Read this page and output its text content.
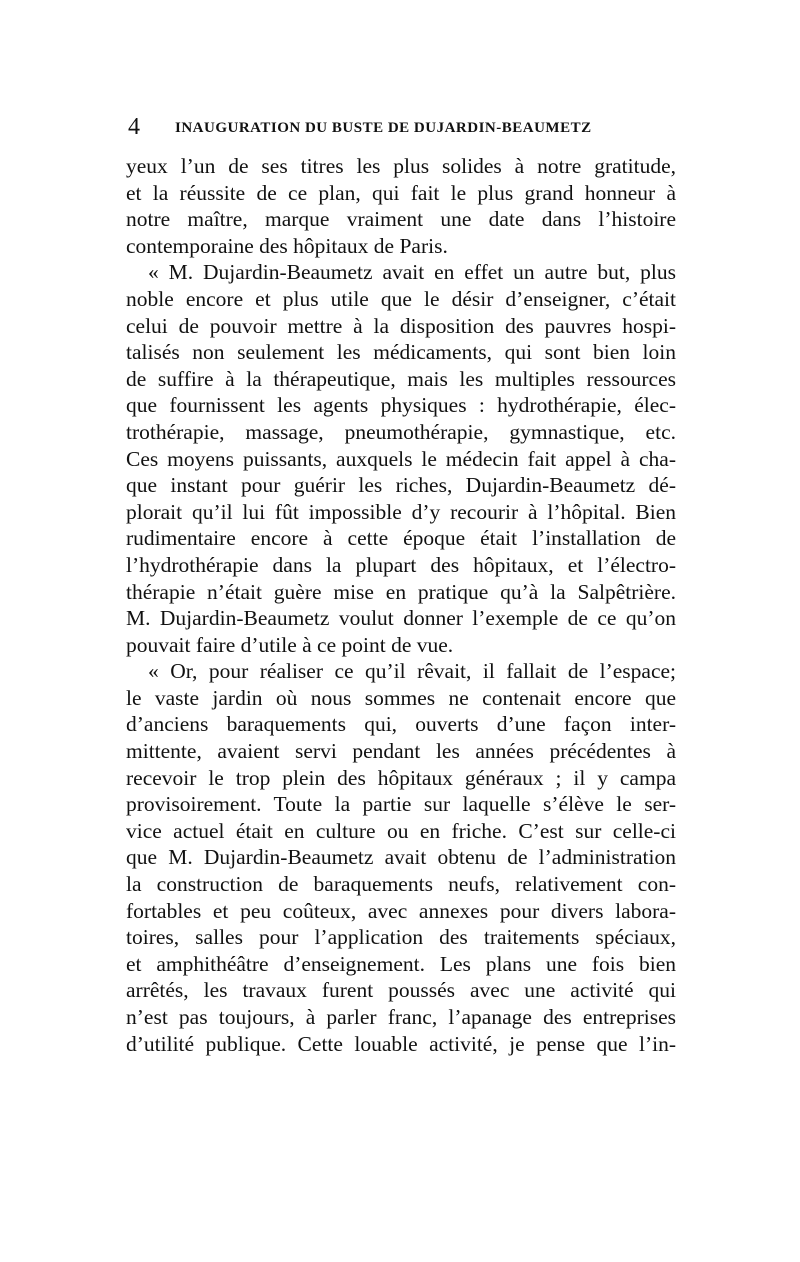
4 INAUGURATION DU BUSTE DE DUJARDIN-BEAUMETZ
yeux l’un de ses titres les plus solides à notre gratitude,
et la réussite de ce plan, qui fait le plus grand honneur à
notre maître, marque vraiment une date dans l’histoire
contemporaine des hôpitaux de Paris.
« M. Dujardin-Beaumetz avait en effet un autre but, plus
noble encore et plus utile que le désir d’enseigner, c’était
celui de pouvoir mettre à la disposition des pauvres hospi-
talisés non seulement les médicaments, qui sont bien loin
de suffire à la thérapeutique, mais les multiples ressources
que fournissent les agents physiques : hydrothérapie, élec-
trothérapie, massage, pneumothérapie, gymnastique, etc.
Ces moyens puissants, auxquels le médecin fait appel à cha-
que instant pour guérir les riches, Dujardin-Beaumetz dé-
plorait qu’il lui fût impossible d’y recourir à l’hôpital. Bien
rudimentaire encore à cette époque était l’installation de
l’hydrothérapie dans la plupart des hôpitaux, et l’électro-
thérapie n’était guère mise en pratique qu’à la Salpêtrière.
M. Dujardin-Beaumetz voulut donner l’exemple de ce qu’on
pouvait faire d’utile à ce point de vue.
« Or, pour réaliser ce qu’il rêvait, il fallait de l’espace;
le vaste jardin où nous sommes ne contenait encore que
d’anciens baraquements qui, ouverts d’une façon inter-
mittente, avaient servi pendant les années précédentes à
recevoir le trop plein des hôpitaux généraux ; il y campa
provisoirement. Toute la partie sur laquelle s’élève le ser-
vice actuel était en culture ou en friche. C’est sur celle-ci
que M. Dujardin-Beaumetz avait obtenu de l’administration
la construction de baraquements neufs, relativement con-
fortables et peu coûteux, avec annexes pour divers labora-
toires, salles pour l’application des traitements spéciaux,
et amphithéâtre d’enseignement. Les plans une fois bien
arrêtés, les travaux furent poussés avec une activité qui
n’est pas toujours, à parler franc, l’apanage des entreprises
d’utilité publique. Cette louable activité, je pense que l’in-
